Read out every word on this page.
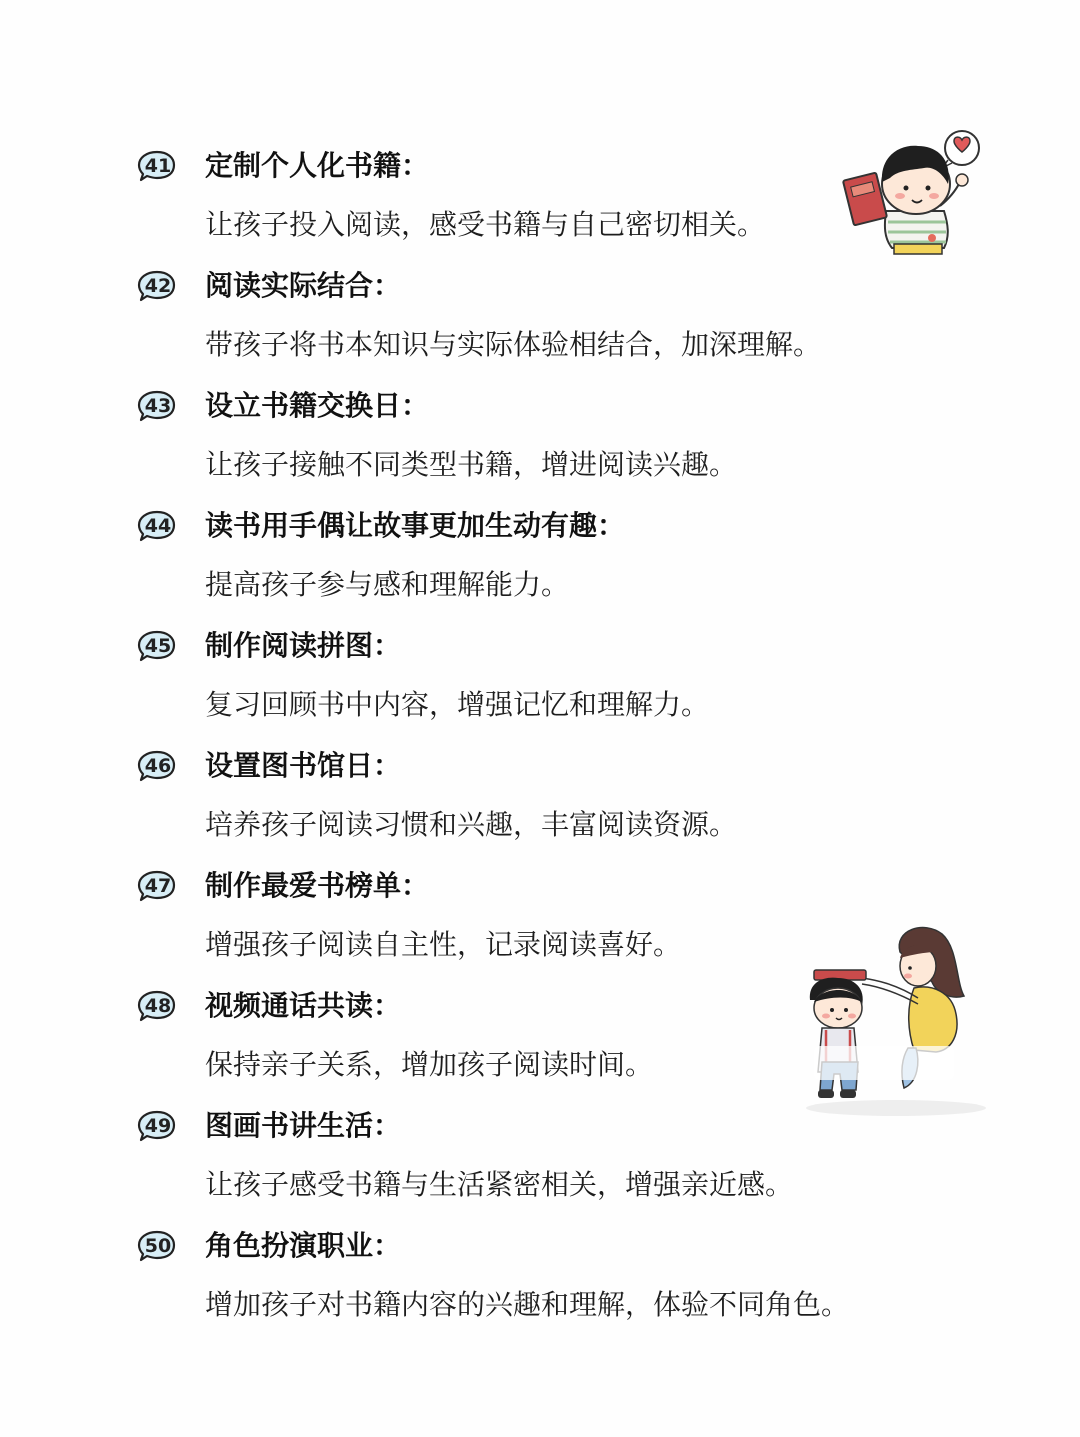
41 定制个人化书籍：
让孩子投入阅读，感受书籍与自己密切相关。
42 阅读实际结合：
带孩子将书本知识与实际体验相结合，加深理解。
43 设立书籍交换日：
让孩子接触不同类型书籍，增进阅读兴趣。
44 读书用手偶让故事更加生动有趣：
提高孩子参与感和理解能力。
45 制作阅读拼图：
复习回顾书中内容，增强记忆和理解力。
46 设置图书馆日：
培养孩子阅读习惯和兴趣，丰富阅读资源。
47 制作最爱书榜单：
增强孩子阅读自主性，记录阅读喜好。
48 视频通话共读：
保持亲子关系，增加孩子阅读时间。
49 图画书讲生活：
让孩子感受书籍与生活紧密相关，增强亲近感。
50 角色扮演职业：
增加孩子对书籍内容的兴趣和理解，体验不同角色。
